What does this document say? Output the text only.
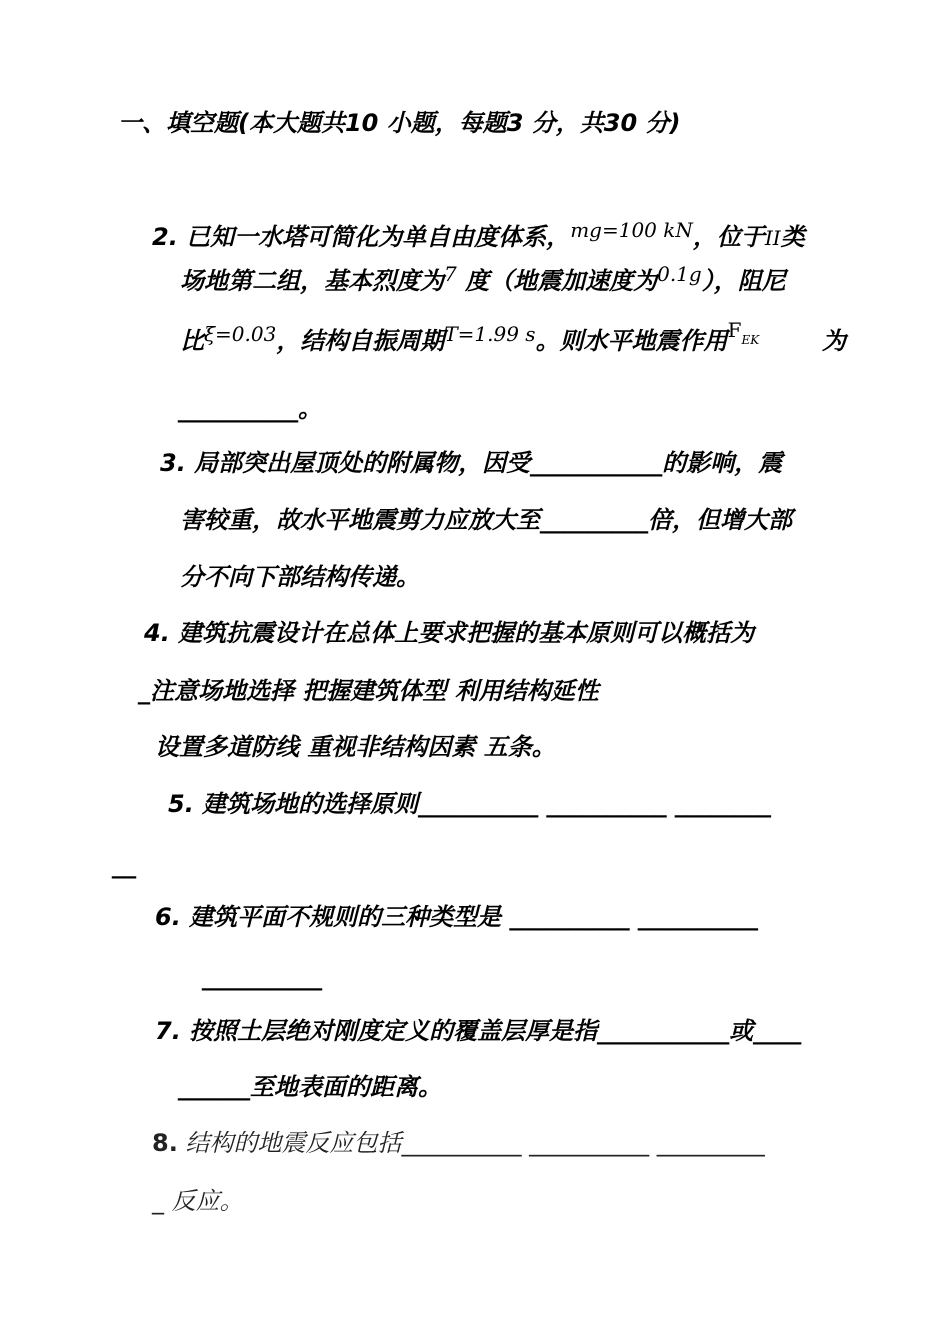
一、填空题(本大题共10 小题，每题3 分，共30 分)
2. 已知一水塔可简化为单自由度体系，$^{mg=100 kN}$，位于II类
场地第二组，基本烈度为$^7$ 度（地震加速度为$^{0.1g}$），阻尼
比$^{\xi=0.03}$，结构自振周期$^{T=1.99 s}$。则水平地震作用$^{F_{EK}}$	为
__________。
3. 局部突出屋顶处的附属物，因受___________的影响，震
害较重，故水平地震剪力应放大至_________倍，但增大部
分不向下部结构传递。
4. 建筑抗震设计在总体上要求把握的基本原则可以概括为
_注意场地选择 把握建筑体型 利用结构延性
设置多道防线 重视非结构因素 五条。
5. 建筑场地的选择原则__________ __________ ________
__
6. 建筑平面不规则的三种类型是 __________ __________
__________
7. 按照土层绝对刚度定义的覆盖层厚是指___________或____
______至地表面的距离。
8. 结构的地震反应包括__________ __________ _________
_ 反应。
